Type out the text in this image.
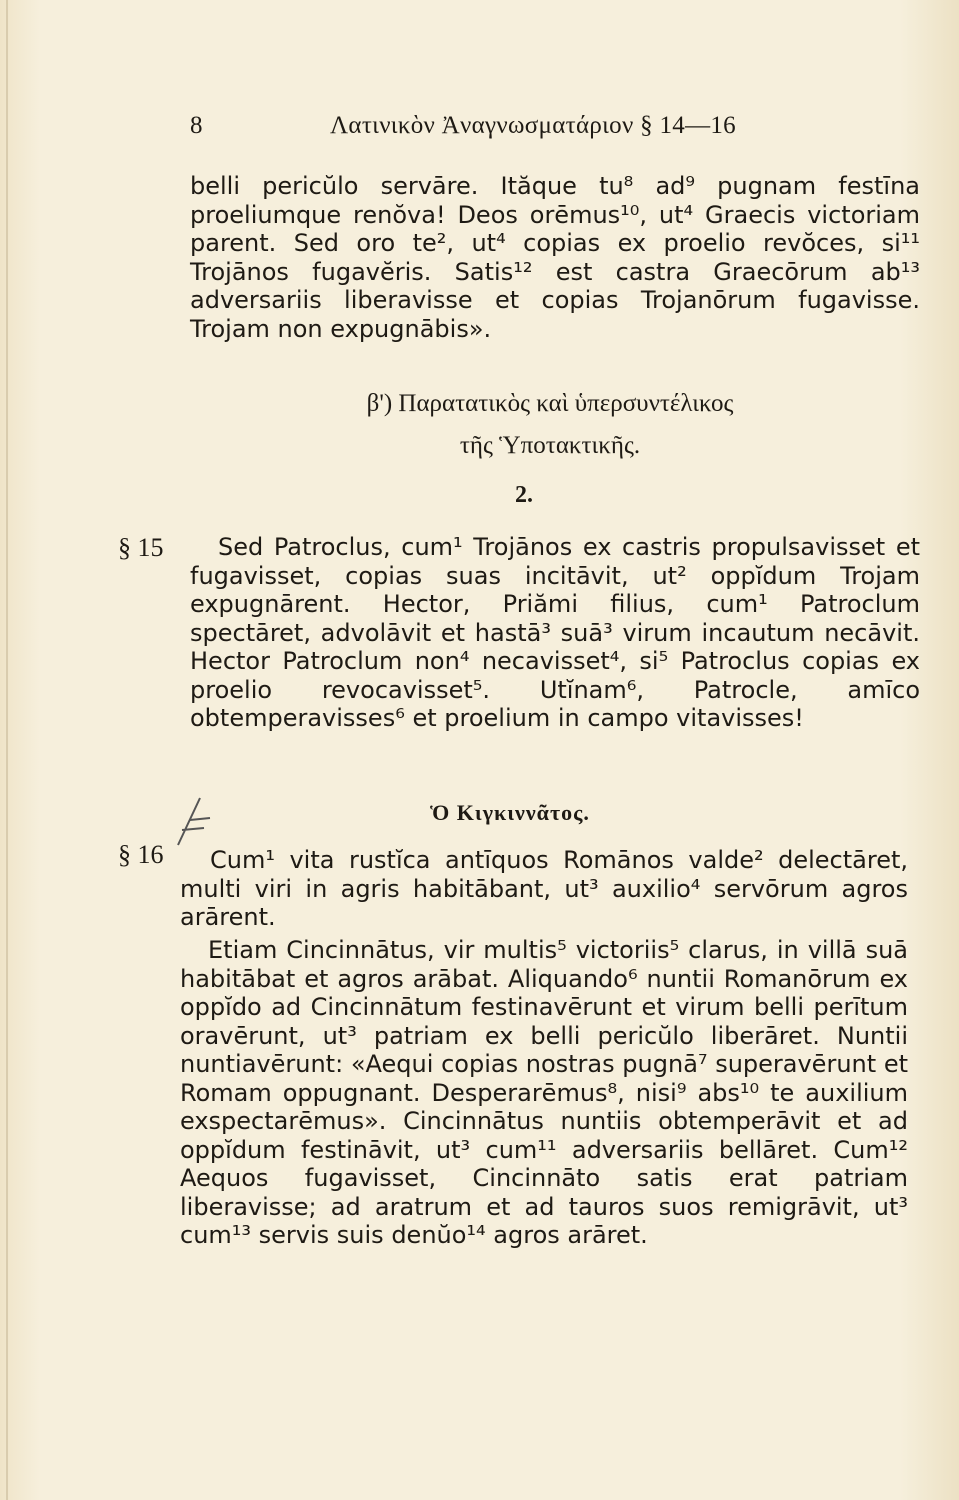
8	Λατινικὸν Ἀναγνωσματάριον § 14—16
belli pericŭlo servāre. Ităque tu⁸ ad⁹ pugnam festīna proeliumque renŏva! Deos orēmus¹⁰, ut⁴ Graecis victoriam parent. Sed oro te², ut⁴ copias ex proelio revŏces, si¹¹ Trojānos fugavĕris. Satis¹² est castra Graecōrum ab¹³ adversariis liberavisse et copias Trojanōrum fugavisse. Trojam non expugnābis».
β') Παρατατικὸς καὶ ὑπερσυντέλικος
τῆς Ὑποτακτικῆς.
2.
§ 15	Sed Patroclus, cum¹ Trojānos ex castris propulsavisset et fugavisset, copias suas incitāvit, ut² oppĭdum Trojam expugnārent. Hector, Priămi filius, cum¹ Patroclum spectāret, advolāvit et hastā³ suā³ virum incautum necāvit. Hector Patroclum non⁴ necavisset⁴, si⁵ Patroclus copias ex proelio revocavisset⁵. Utĭnam⁶, Patrocle, amīco obtemperavisses⁶ et proelium in campo vitavisses!
Ὁ Κιγκιννᾶτος.
§ 16	Cum¹ vita rustĭca antīquos Romānos valde² delectāret, multi viri in agris habitābant, ut³ auxilio⁴ servōrum agros arārent.
Etiam Cincinnātus, vir multis⁵ victoriis⁵ clarus, in villā suā habitābat et agros arābat. Aliquando⁶ nuntii Romanōrum ex oppĭdo ad Cincinnātum festinavērunt et virum belli perītum oravērunt, ut³ patriam ex belli pericŭlo liberāret. Nuntii nuntiavērunt: «Aequi copias nostras pugnā⁷ superavērunt et Romam oppugnant. Desperarēmus⁸, nisi⁹ abs¹⁰ te auxilium exspectarēmus». Cincinnātus nuntiis obtemperāvit et ad oppĭdum festināvit, ut³ cum¹¹ adversariis bellāret. Cum¹² Aequos fugavisset, Cincinnāto satis erat patriam liberavisse; ad aratrum et ad tauros suos remigrāvit, ut³ cum¹³ servis suis denŭo¹⁴ agros arāret.
